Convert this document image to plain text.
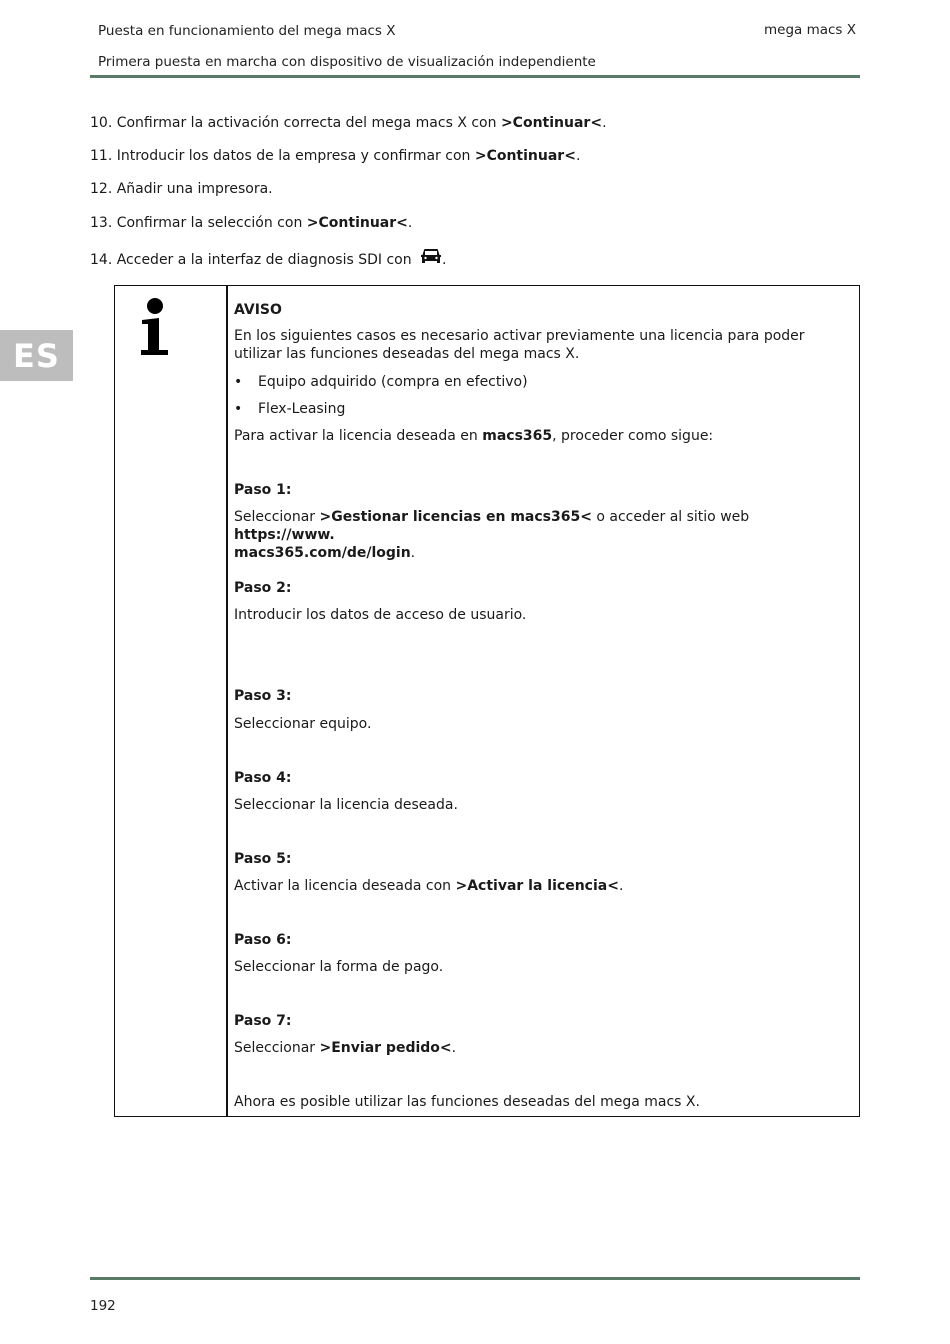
Puesta en funcionamiento del mega macs X	mega macs X
Primera puesta en marcha con dispositivo de visualización independiente
ES
10. Confirmar la activación correcta del mega macs X con >Continuar<.
11. Introducir los datos de la empresa y confirmar con >Continuar<.
12. Añadir una impresora.
13. Confirmar la selección con >Continuar<.
14. Acceder a la interfaz de diagnosis SDI con .
AVISO
En los siguientes casos es necesario activar previamente una licencia para poder utilizar las funciones deseadas del mega macs X.
•	Equipo adquirido (compra en efectivo)
•	Flex-Leasing
Para activar la licencia deseada en macs365, proceder como sigue:
Paso 1:
Seleccionar >Gestionar licencias en macs365< o acceder al sitio web https://www.
macs365.com/de/login.
Paso 2:
Introducir los datos de acceso de usuario.
Paso 3:
Seleccionar equipo.
Paso 4:
Seleccionar la licencia deseada.
Paso 5:
Activar la licencia deseada con >Activar la licencia<.
Paso 6:
Seleccionar la forma de pago.
Paso 7:
Seleccionar >Enviar pedido<.
Ahora es posible utilizar las funciones deseadas del mega macs X.
192
